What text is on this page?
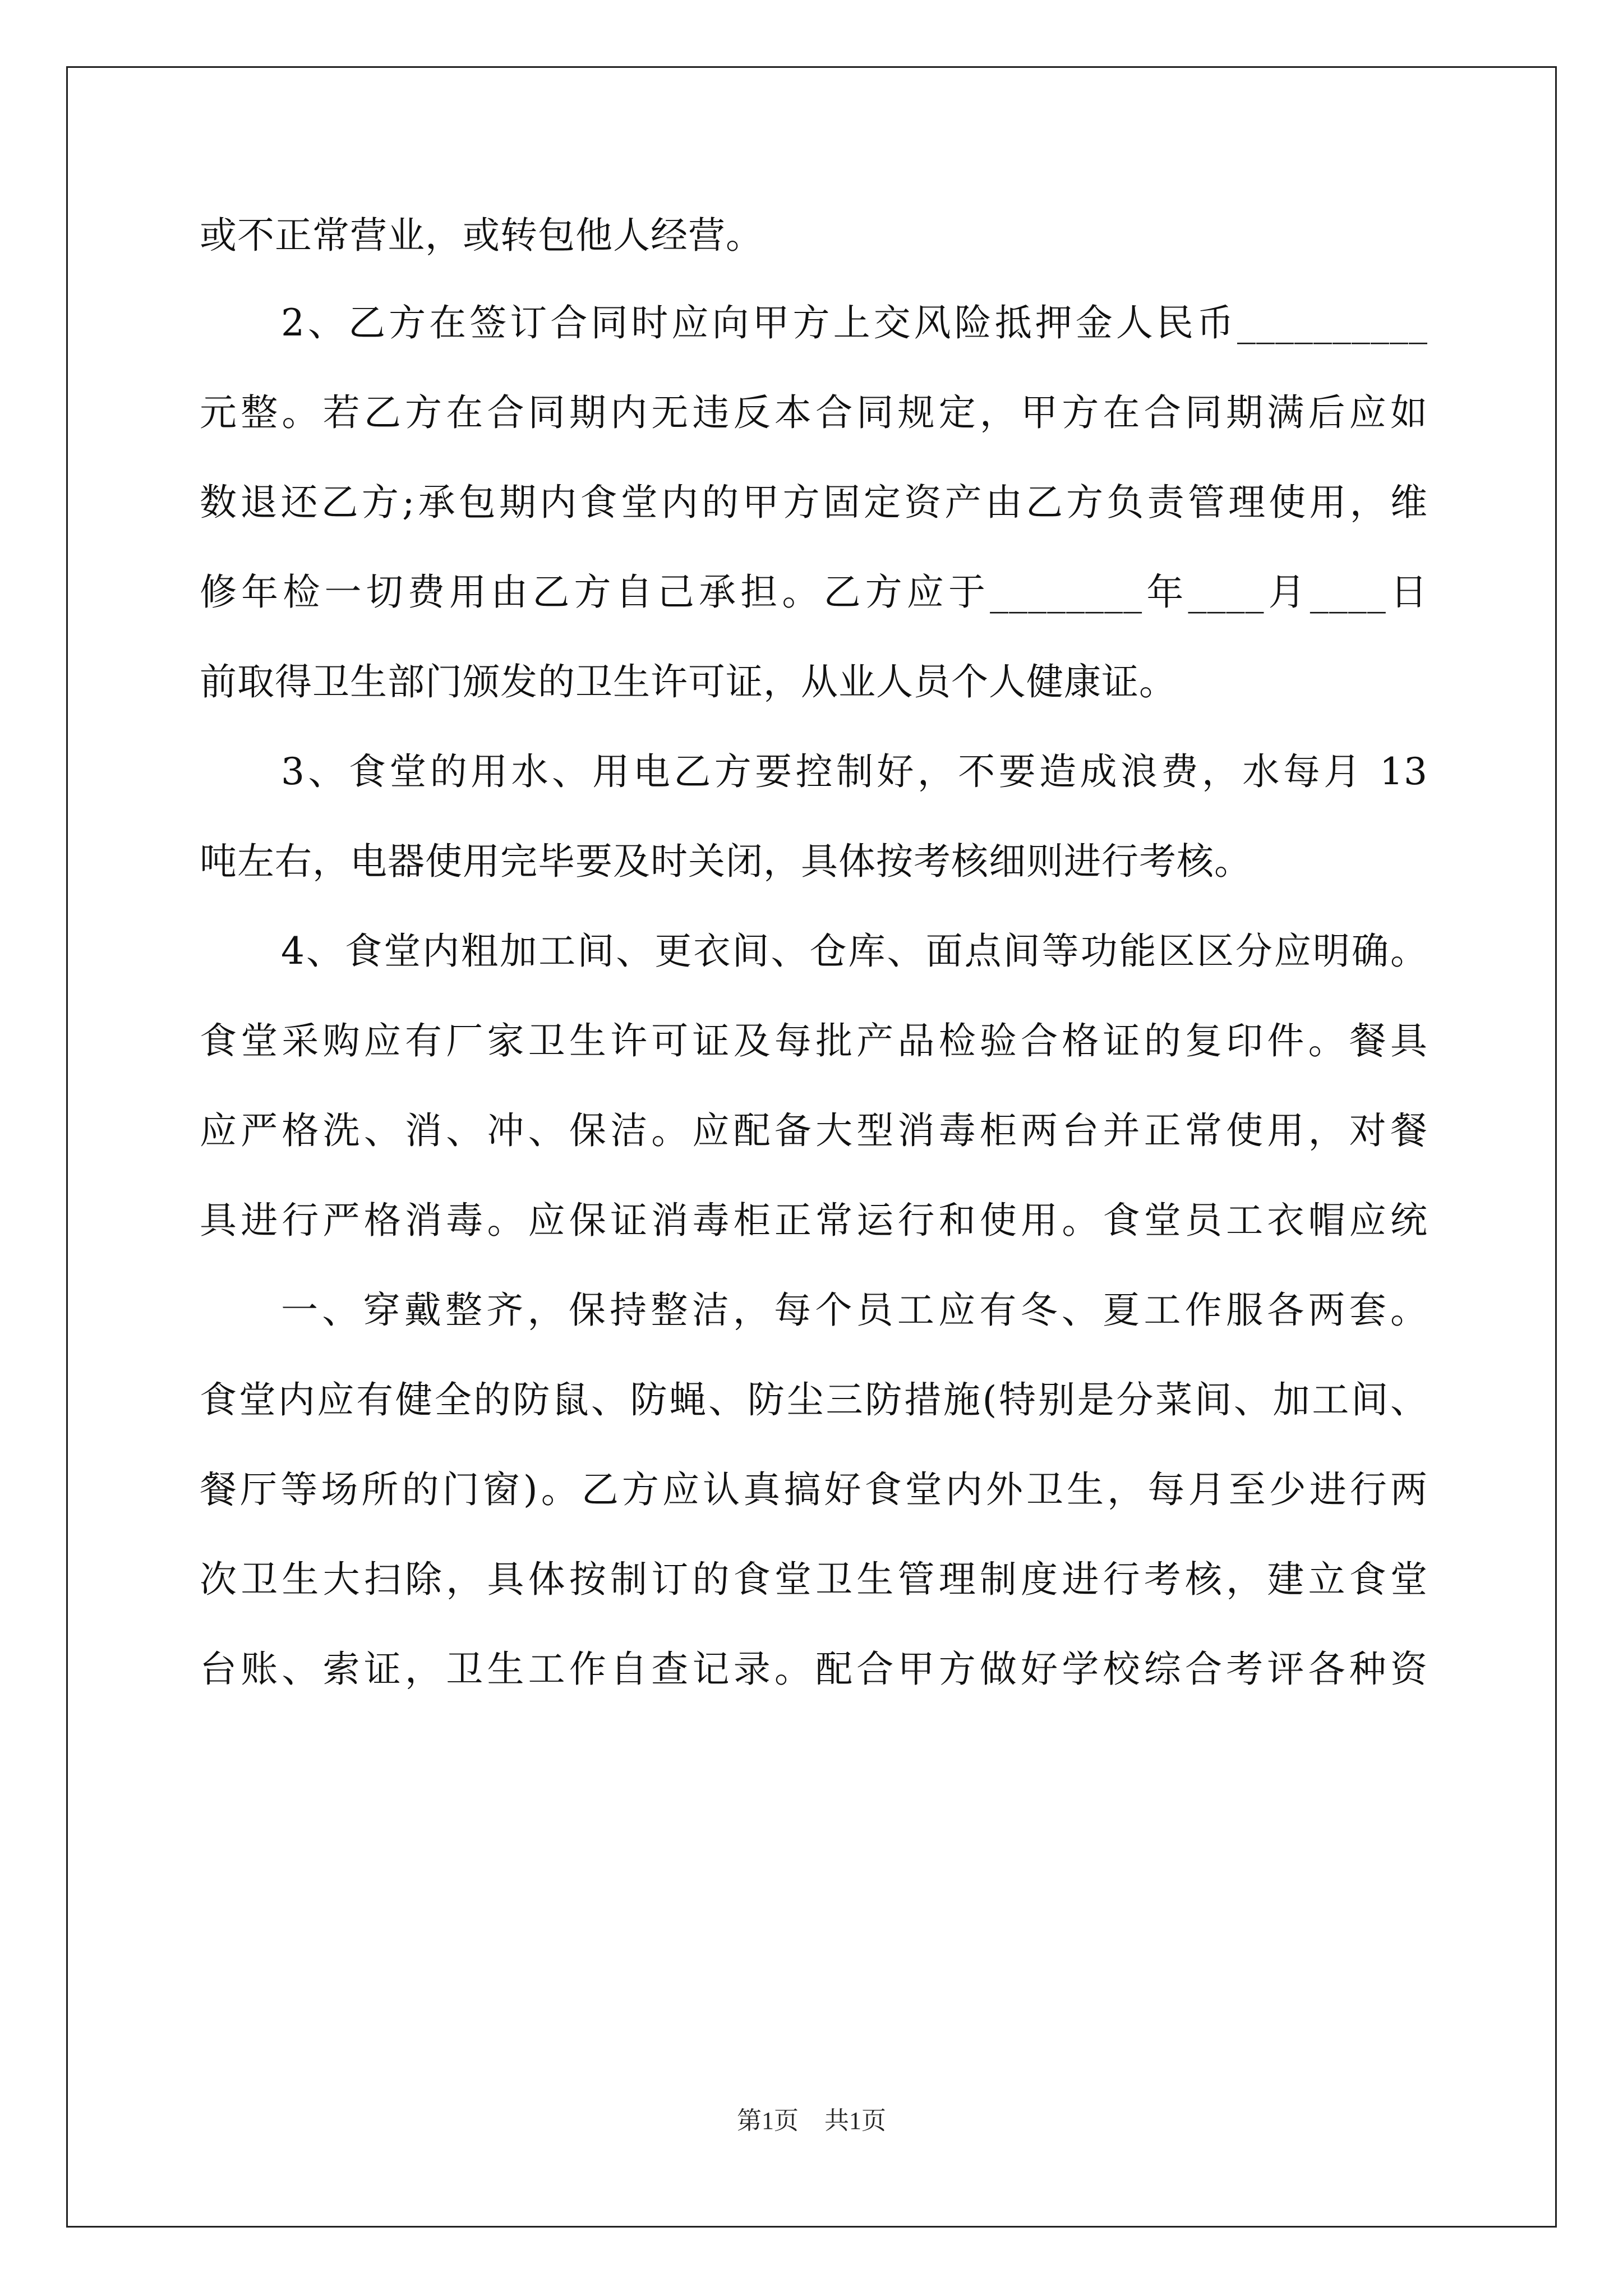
或不正常营业，或转包他人经营。
2、乙方在签订合同时应向甲方上交风险抵押金人民币__________
元整。若乙方在合同期内无违反本合同规定，甲方在合同期满后应如
数退还乙方;承包期内食堂内的甲方固定资产由乙方负责管理使用，维
修年检一切费用由乙方自己承担。乙方应于________年____月____日
前取得卫生部门颁发的卫生许可证，从业人员个人健康证。
3、食堂的用水、用电乙方要控制好，不要造成浪费，水每月 13
吨左右，电器使用完毕要及时关闭，具体按考核细则进行考核。
4、食堂内粗加工间、更衣间、仓库、面点间等功能区区分应明确。
食堂采购应有厂家卫生许可证及每批产品检验合格证的复印件。餐具
应严格洗、消、冲、保洁。应配备大型消毒柜两台并正常使用，对餐
具进行严格消毒。应保证消毒柜正常运行和使用。食堂员工衣帽应统
一、穿戴整齐，保持整洁，每个员工应有冬、夏工作服各两套。
食堂内应有健全的防鼠、防蝇、防尘三防措施(特别是分菜间、加工间、
餐厅等场所的门窗)。乙方应认真搞好食堂内外卫生，每月至少进行两
次卫生大扫除，具体按制订的食堂卫生管理制度进行考核，建立食堂
台账、索证，卫生工作自查记录。配合甲方做好学校综合考评各种资
第1页 共1页
